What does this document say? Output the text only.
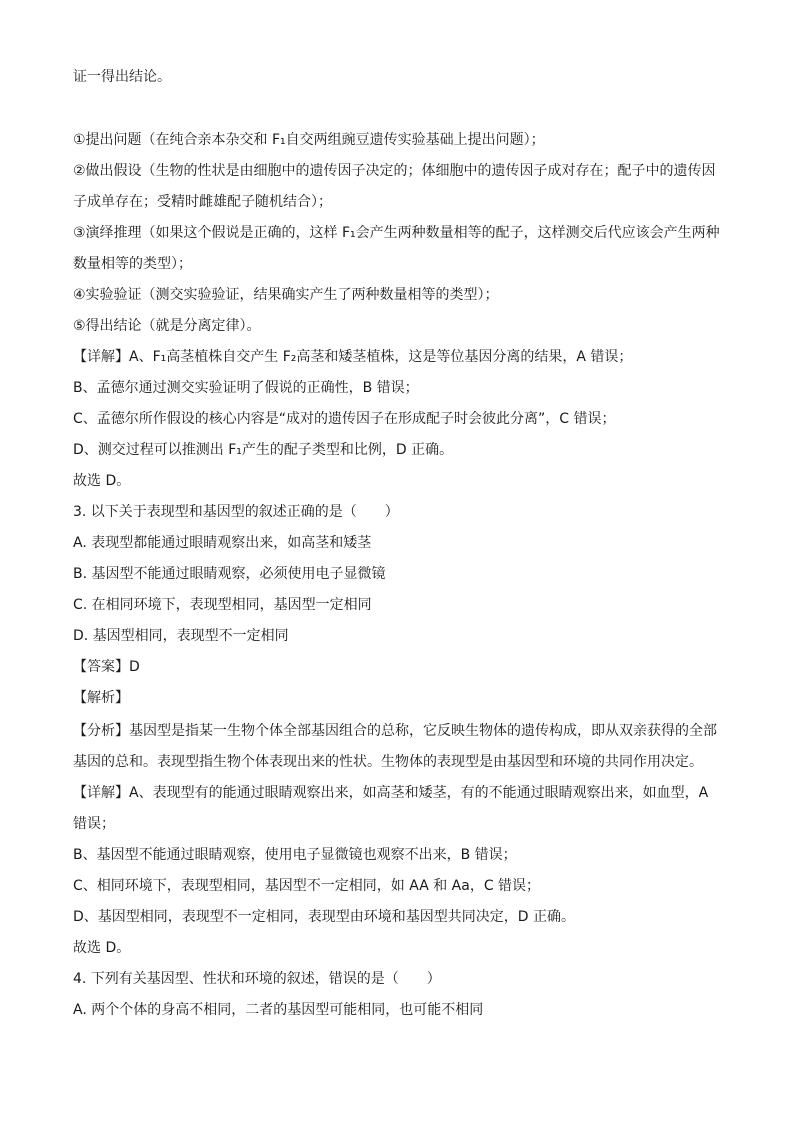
证一得出结论。
①提出问题（在纯合亲本杂交和 F₁自交两组豌豆遗传实验基础上提出问题）；
②做出假设（生物的性状是由细胞中的遗传因子决定的；体细胞中的遗传因子成对存在；配子中的遗传因
子成单存在；受精时雌雄配子随机结合）；
③演绎推理（如果这个假说是正确的，这样 F₁会产生两种数量相等的配子，这样测交后代应该会产生两种
数量相等的类型）；
④实验验证（测交实验验证，结果确实产生了两种数量相等的类型）；
⑤得出结论（就是分离定律）。
【详解】A、F₁高茎植株自交产生 F₂高茎和矮茎植株，这是等位基因分离的结果，A 错误；
B、孟德尔通过测交实验证明了假说的正确性，B 错误；
C、孟德尔所作假设的核心内容是“成对的遗传因子在形成配子时会彼此分离”，C 错误；
D、测交过程可以推测出 F₁产生的配子类型和比例，D 正确。
故选 D。
3. 以下关于表现型和基因型的叙述正确的是（　　）
A. 表现型都能通过眼睛观察出来，如高茎和矮茎
B. 基因型不能通过眼睛观察，必须使用电子显微镜
C. 在相同环境下，表现型相同，基因型一定相同
D. 基因型相同，表现型不一定相同
【答案】D
【解析】
【分析】基因型是指某一生物个体全部基因组合的总称，它反映生物体的遗传构成，即从双亲获得的全部
基因的总和。表现型指生物个体表现出来的性状。生物体的表现型是由基因型和环境的共同作用决定。
【详解】A、表现型有的能通过眼睛观察出来，如高茎和矮茎，有的不能通过眼睛观察出来，如血型，A
错误；
B、基因型不能通过眼睛观察，使用电子显微镜也观察不出来，B 错误；
C、相同环境下，表现型相同，基因型不一定相同，如 AA 和 Aa，C 错误；
D、基因型相同，表现型不一定相同，表现型由环境和基因型共同决定，D 正确。
故选 D。
4. 下列有关基因型、性状和环境的叙述，错误的是（　　）
A. 两个个体的身高不相同，二者的基因型可能相同，也可能不相同
